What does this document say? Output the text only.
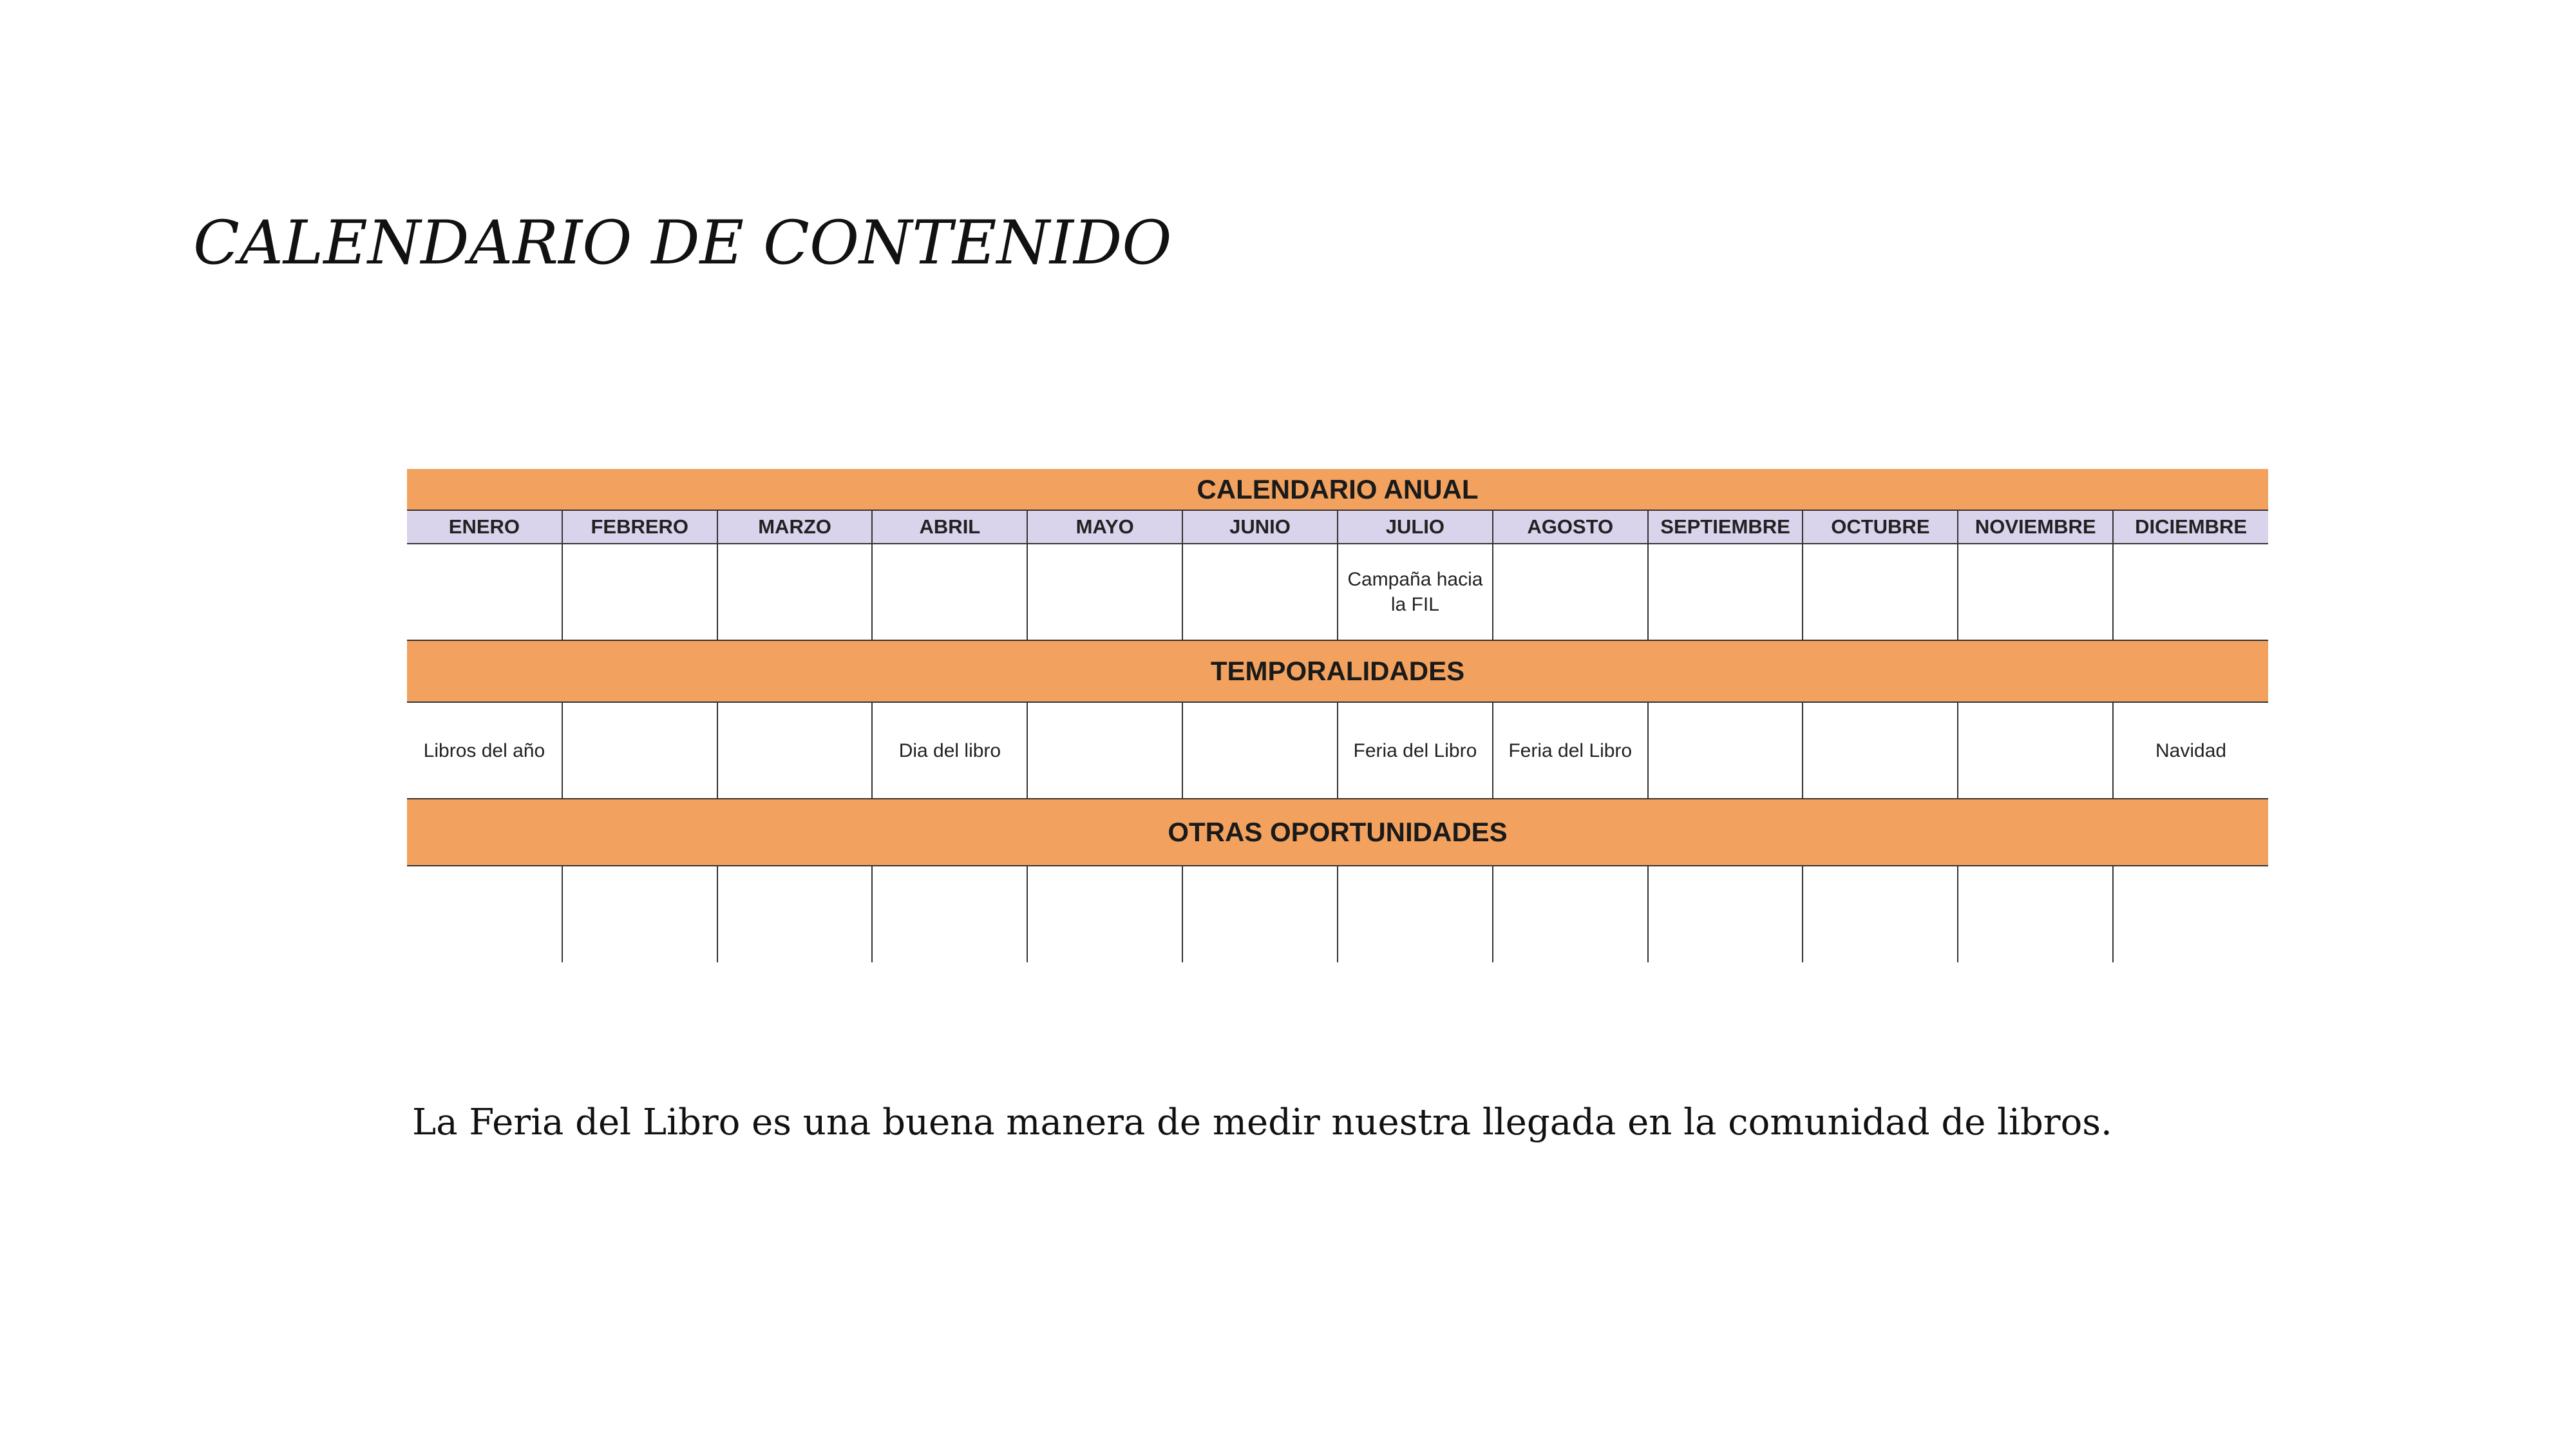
CALENDARIO DE CONTENIDO
CALENDARIO ANUAL											
ENERO	FEBRERO	MARZO	ABRIL	MAYO	JUNIO	JULIO	AGOSTO	SEPTIEMBRE	OCTUBRE	NOVIEMBRE	DICIEMBRE
						Campaña hacia la FIL					
TEMPORALIDADES											
Libros del año			Dia del libro			Feria del Libro	Feria del Libro				Navidad
OTRAS OPORTUNIDADES											

La Feria del Libro es una buena manera de medir nuestra llegada en la comunidad de libros.
